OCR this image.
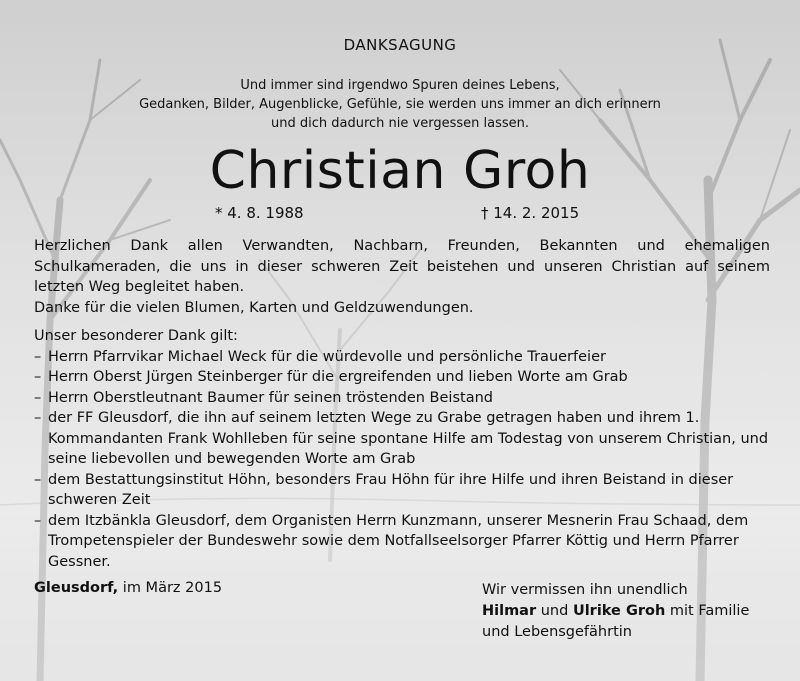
DANKSAGUNG
Und immer sind irgendwo Spuren deines Lebens,
Gedanken, Bilder, Augenblicke, Gefühle, sie werden uns immer an dich erinnern
und dich dadurch nie vergessen lassen.
Christian Groh
* 4. 8. 1988	† 14. 2. 2015

Herzlichen Dank allen Verwandten, Nachbarn, Freunden, Bekannten und ehemaligen Schulkameraden, die uns in dieser schweren Zeit beistehen und unseren Christian auf seinem letzten Weg begleitet haben.

Danke für die vielen Blumen, Karten und Geldzuwendungen.

Unser besonderer Dank gilt:

– Herrn Pfarrvikar Michael Weck für die würdevolle und persönliche Trauerfeier

– Herrn Oberst Jürgen Steinberger für die ergreifenden und lieben Worte am Grab

– Herrn Oberstleutnant Baumer für seinen tröstenden Beistand

– der FF Gleusdorf, die ihn auf seinem letzten Wege zu Grabe getragen haben und ihrem 1. Kommandanten Frank Wohlleben für seine spontane Hilfe am Todestag von unserem Christian, und seine liebevollen und bewegenden Worte am Grab

– dem Bestattungsinstitut Höhn, besonders Frau Höhn für ihre Hilfe und ihren Beistand in dieser schweren Zeit

– dem Itzbänkla Gleusdorf, dem Organisten Herrn Kunzmann, unserer Mesnerin Frau Schaad, dem Trompetenspieler der Bundeswehr sowie dem Notfallseelsorger Pfarrer Köttig und Herrn Pfarrer Gessner.

Gleusdorf, im März 2015	Wir vermissen ihn unendlich
Hilmar und Ulrike Groh mit Familie
und Lebensgefährtin
